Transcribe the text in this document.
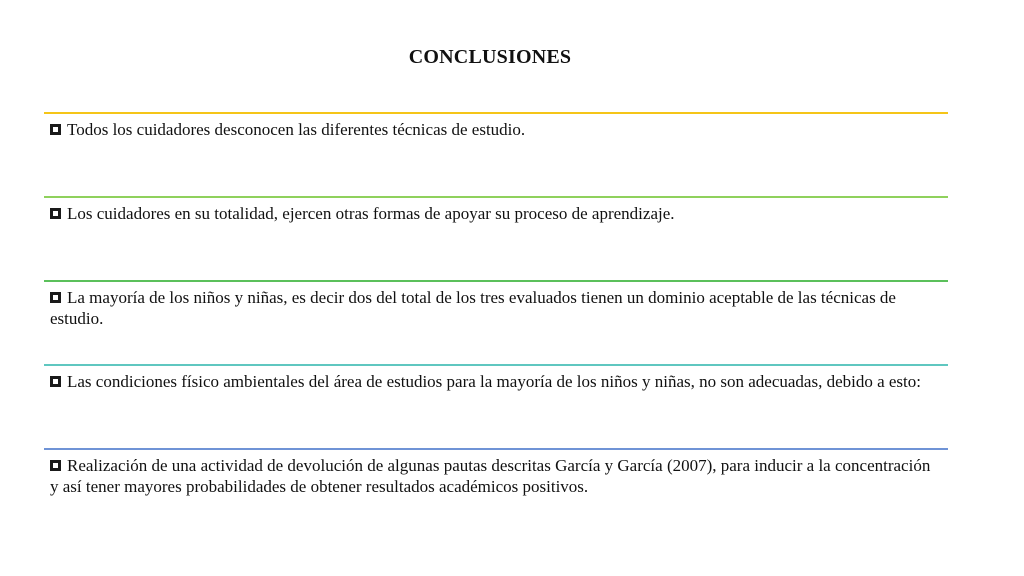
CONCLUSIONES

Todos los cuidadores desconocen las diferentes técnicas de estudio.

Los cuidadores en su totalidad, ejercen otras formas de apoyar su proceso de aprendizaje.

La mayoría de los niños y niñas, es decir dos del total de los tres evaluados tienen un dominio aceptable de las técnicas de estudio.

Las condiciones físico ambientales del área de estudios para la mayoría de los niños y niñas, no son adecuadas, debido a esto:

Realización de una actividad de devolución de algunas pautas descritas García y García (2007), para inducir a la concentración y así tener mayores probabilidades de obtener resultados académicos positivos.
